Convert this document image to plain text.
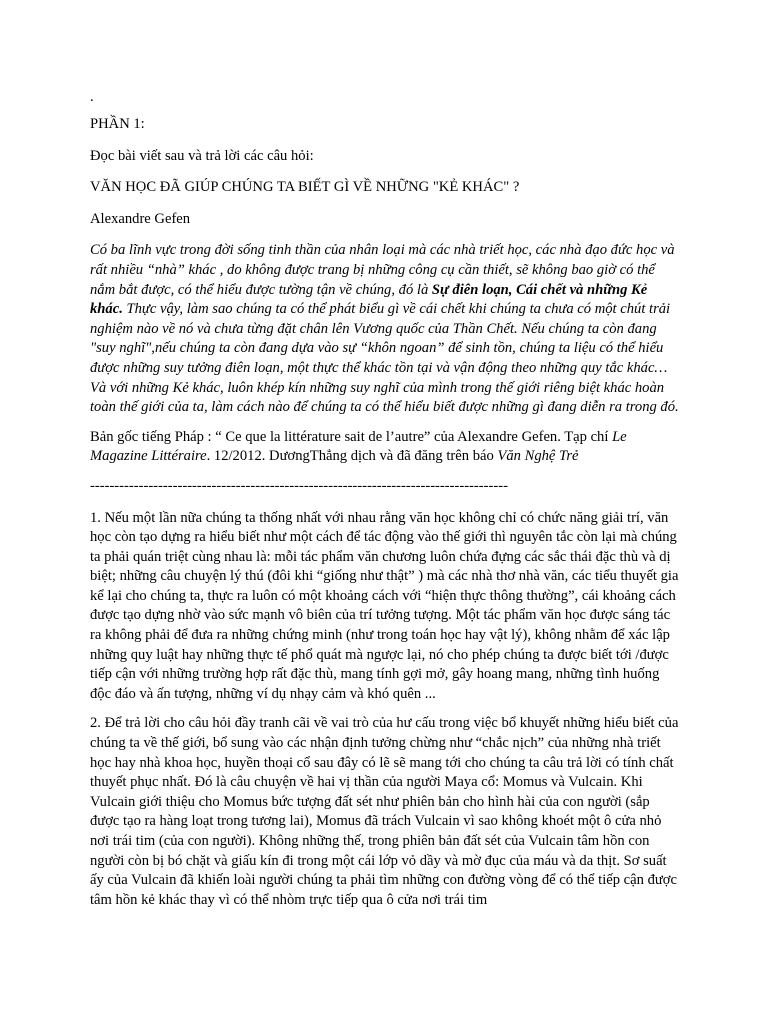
.
PHẦN 1:
Đọc bài viết sau và trả lời các câu hỏi:
VĂN HỌC ĐÃ GIÚP CHÚNG TA BIẾT GÌ VỀ NHỮNG "KẺ KHÁC" ?
Alexandre Gefen
Có ba lĩnh vực trong đời sống tinh thần của nhân loại mà các nhà triết học, các nhà đạo đức học và rất nhiều “nhà” khác , do không được trang bị những công cụ cần thiết, sẽ không bao giờ có thể nắm bắt được, có thể hiểu được tường tận về chúng, đó là Sự điên loạn, Cái chết và những Kẻ khác. Thực vậy, làm sao chúng ta có thể phát biểu gì về cái chết khi chúng ta chưa có một chút trải nghiệm nào về nó và chưa từng đặt chân lên Vương quốc của Thần Chết. Nếu chúng ta còn đang "suy nghĩ",nếu chúng ta còn đang dựa vào sự “khôn ngoan” để sinh tồn, chúng ta liệu có thể hiểu được những suy tưởng điên loạn, một thực thể khác tồn tại và vận động theo những quy tắc khác…Và với những Kẻ khác, luôn khép kín những suy nghĩ của mình trong thế giới riêng biệt khác hoàn toàn thế giới của ta, làm cách nào để chúng ta có thể hiểu biết được những gì đang diễn ra trong đó.
Bản gốc tiếng Pháp : “ Ce que la littérature sait de l’autre” của Alexandre Gefen. Tạp chí Le Magazine Littéraire. 12/2012. DươngThẳng dịch và đã đăng trên báo Văn Nghệ Trẻ
--------------------------------------------------------------------------------------
1. Nếu một lần nữa chúng ta thống nhất với nhau rằng văn học không chỉ có chức năng giải trí, văn học còn tạo dựng ra hiểu biết như một cách để tác động vào thế giới thì nguyên tắc còn lại mà chúng ta phải quán triệt cùng nhau là: mỗi tác phẩm văn chương luôn chứa đựng các sắc thái đặc thù và dị biệt; những câu chuyện lý thú (đôi khi “giống như thật” ) mà các nhà thơ nhà văn, các tiểu thuyết gia kể lại cho chúng ta, thực ra luôn có một khoảng cách với “hiện thực thông thường”, cái khoảng cách được tạo dựng nhờ vào sức mạnh vô biên của trí tưởng tượng. Một tác phẩm văn học được sáng tác ra không phải để đưa ra những chứng minh (như trong toán học hay vật lý), không nhằm để xác lập những quy luật hay những thực tế phổ quát mà ngược lại, nó cho phép chúng ta được biết tới /được tiếp cận với những trường hợp rất đặc thù, mang tính gợi mở, gây hoang mang, những tình huống độc đáo và ấn tượng, những ví dụ nhạy cảm và khó quên ...
2. Để trả lời cho câu hỏi đầy tranh cãi về vai trò của hư cấu trong việc bổ khuyết những hiểu biết của chúng ta về thế giới, bổ sung vào các nhận định tưởng chừng như “chắc nịch” của những nhà triết học hay nhà khoa học, huyền thoại cổ sau đây có lẽ sẽ mang tới cho chúng ta câu trả lời có tính chất thuyết phục nhất. Đó là câu chuyện về hai vị thần của người Maya cổ: Momus và Vulcain. Khi Vulcain giới thiệu cho Momus bức tượng đất sét như phiên bản cho hình hài của con người (sắp được tạo ra hàng loạt trong tương lai), Momus đã trách Vulcain vì sao không khoét một ô cửa nhỏ nơi trái tim (của con người). Không những thế, trong phiên bản đất sét của Vulcain tâm hồn con người còn bị bó chặt và giấu kín đi trong một cái lớp vỏ dầy và mờ đục của máu và da thịt. Sơ suất ấy của Vulcain đã khiến loài người chúng ta phải tìm những con đường vòng để có thể tiếp cận được tâm hồn kẻ khác thay vì có thể nhòm trực tiếp qua ô cửa nơi trái tim
